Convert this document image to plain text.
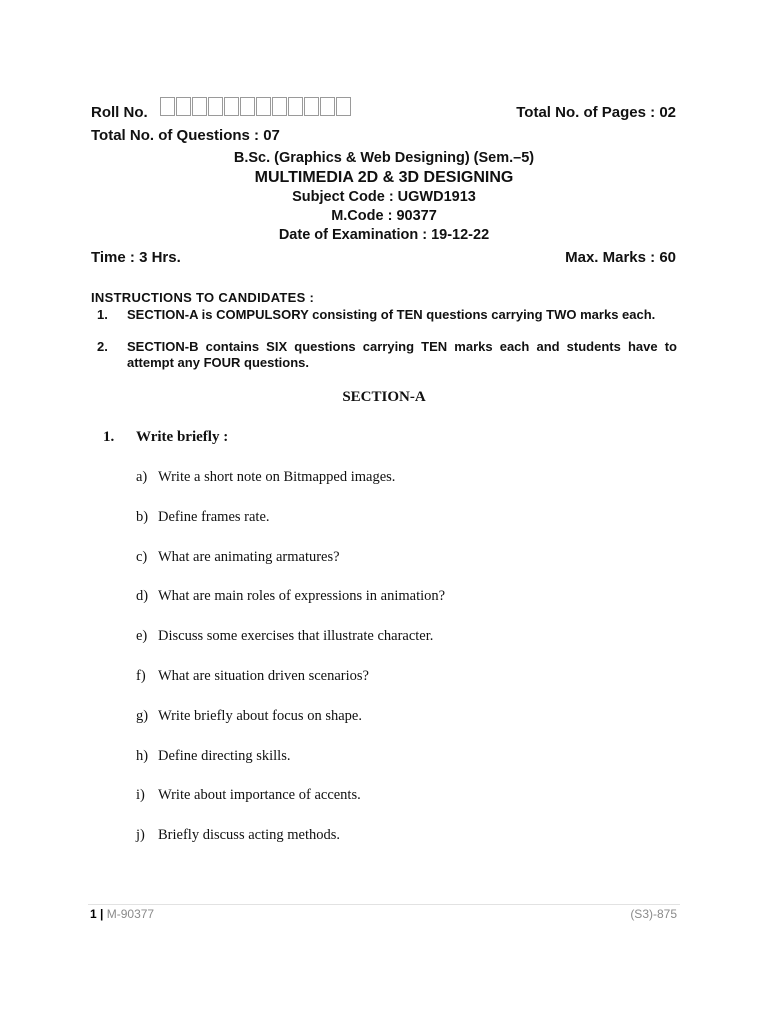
Roll No.	Total No. of Pages : 02
Total No. of Questions : 07
B.Sc. (Graphics & Web Designing) (Sem.–5)
MULTIMEDIA 2D & 3D DESIGNING
Subject Code : UGWD1913
M.Code : 90377
Date of Examination : 19-12-22
Time : 3 Hrs.	Max. Marks : 60
INSTRUCTIONS TO CANDIDATES :
1. SECTION-A is COMPULSORY consisting of TEN questions carrying TWO marks each.
2. SECTION-B contains SIX questions carrying TEN marks each and students have to attempt any FOUR questions.
SECTION-A
1. Write briefly :
a) Write a short note on Bitmapped images.
b) Define frames rate.
c) What are animating armatures?
d) What are main roles of expressions in animation?
e) Discuss some exercises that illustrate character.
f) What are situation driven scenarios?
g) Write briefly about focus on shape.
h) Define directing skills.
i) Write about importance of accents.
j) Briefly discuss acting methods.
1 | M-90377	(S3)-875
